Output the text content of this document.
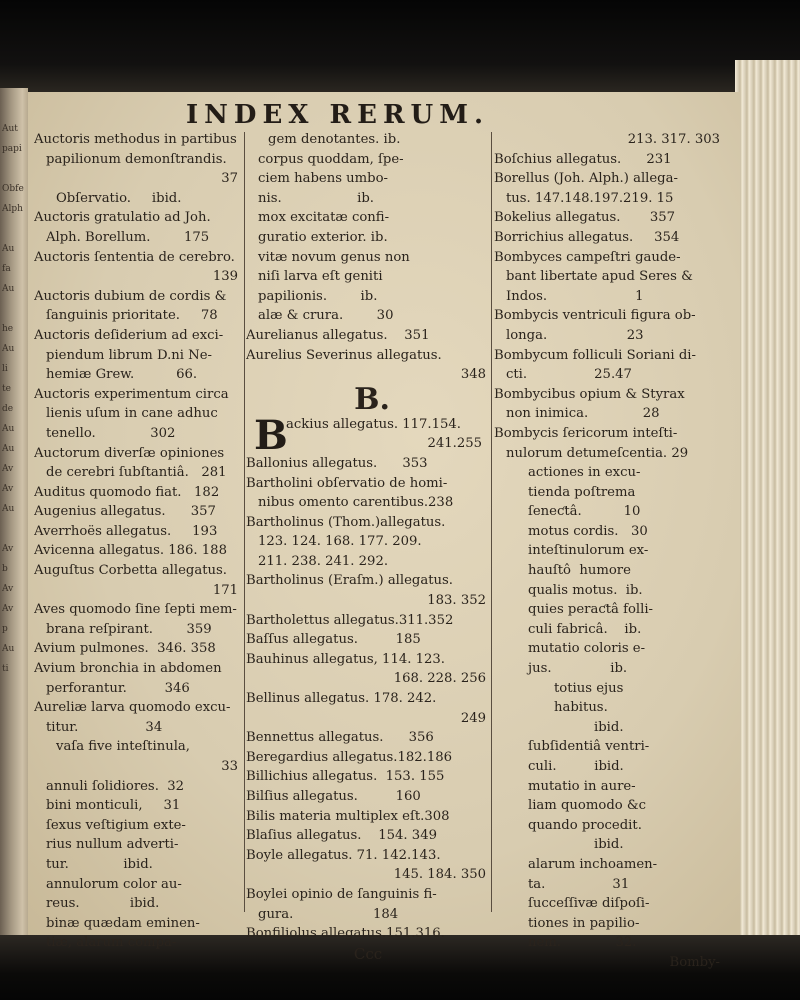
Aut
papi
Obfe
Alph
Au
fa
Au
he
Au
li
te
de
Au
Au
Av
Av
Au
Av
b
Av
Av
p
Au
ti
INDEX RERUM.
Auctoris methodus in partibus
papilionum demonſtrandis.
37
Obſervatio.     ibid.
Auctoris gratulatio ad Joh.
Alph. Borellum.        175
Auctoris ſententia de cerebro.
139
Auctoris dubium de cordis &
ſanguinis prioritate.     78
Auctoris deſiderium ad exci-
piendum librum D.ni Ne-
hemiæ Grew.          66.
Auctoris experimentum circa
lienis uſum in cane adhuc
tenello.             302
Auctorum diverſæ opiniones
de cerebri ſubſtantiâ.   281
Auditus quomodo fiat.   182
Augenius allegatus.      357
Averrhoës allegatus.     193
Avicenna allegatus. 186. 188
Auguſtus Corbetta allegatus.
171
Aves quomodo ſine ſepti mem-
brana reſpirant.        359
Avium pulmones.  346. 358
Avium bronchia in abdomen
perforantur.         346
Aureliæ larva quomodo excu-
titur.                34
vaſa five inteſtinula,
33
annuli ſolidiores.  32
bini monticuli,     31
ſexus veſtigium exte-
rius nullum adverti-
tur.             ibid.
annulorum color au-
reus.            ibid.
binæ quædam eminen-
tiæ, alarum compa-
gem denotantes. ib.
corpus quoddam, ſpe-
ciem habens umbo-
nis.                  ib.
mox excitatæ confi-
guratio exterior. ib.
vitæ novum genus non
niſi larva eſt geniti
papilionis.        ib.
alæ & crura.        30
Aurelianus allegatus.    351
Aurelius Severinus allegatus.
348
B.
B
ackius allegatus. 117.154.
241.255
Ballonius allegatus.      353
Bartholini obſervatio de homi-
nibus omento carentibus.238
Bartholinus (Thom.)allegatus.
123. 124. 168. 177. 209.
211. 238. 241. 292.
Bartholinus (Eraſm.) allegatus.
183. 352
Bartholettus allegatus.311.352
Baſſus allegatus.         185
Bauhinus allegatus, 114. 123.
168. 228. 256
Bellinus allegatus. 178. 242.
249
Bennettus allegatus.      356
Beregardius allegatus.182.186
Billichius allegatus.  153. 155
Bilſius allegatus.         160
Bilis materia multiplex eſt.308
Blaſius allegatus.    154. 349
Boyle allegatus. 71. 142.143.
145. 184. 350
Boylei opinio de ſanguinis fi-
gura.                   184
Bonfiliolus allegatus.151.316.
Ccc
213. 317. 303
Boſchius allegatus.      231
Borellus (Joh. Alph.) allega-
tus. 147.148.197.219. 15
Bokelius allegatus.       357
Borrichius allegatus.     354
Bombyces campeſtri gaude-
bant libertate apud Seres &
Indos.                     1
Bombycis ventriculi figura ob-
longa.                   23
Bombycum folliculi Soriani di-
cti.                25.47
Bombycibus opium & Styrax
non inimica.             28
Bombycis ſericorum inteſti-
nulorum detumeſcentia. 29
actiones in excu-
tienda poſtrema
ſeneƈtâ.          10
motus cordis.   30
inteſtinulorum ex-
hauſtô  humore
qualis motus.  ib.
quies peraƈtâ folli-
culi fabricâ.    ib.
mutatio coloris e-
jus.              ib.
totius ejus
habitus.
ibid.
ſubſidentiâ ventri-
culi.         ibid.
mutatio in aure-
liam quomodo &c
quando procedit.
ibid.
alarum inchoamen-
ta.                31
ſucceſſivæ diſpoſi-
tiones in papilio-
nem.             32.
Bomby-
